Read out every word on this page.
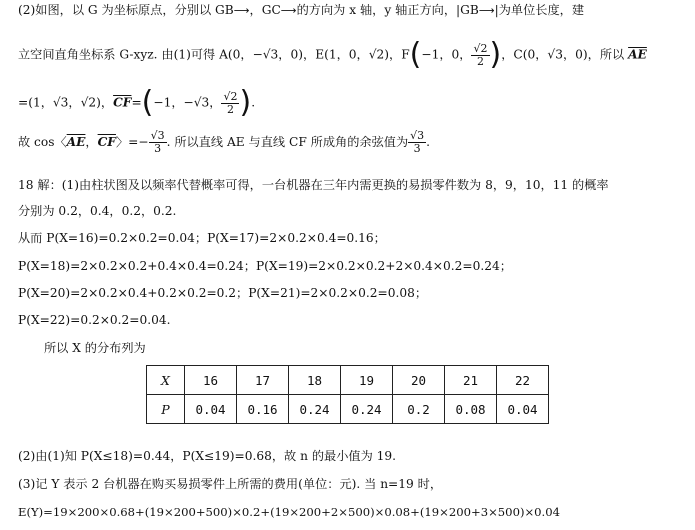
(2)如图，以 G 为坐标原点，分别以 GB⟶，GC⟶的方向为 x 轴，y 轴正方向，|GB⟶|为单位长度，建
立空间直角坐标系 G-xyz. 由(1)可得 A(0，−√3，0)，E(1，0，√2)，F(−1，0， $\frac{√2}{2}$ )，C(0，√3，0)，所以 $\overline{AE}$
=(1，√3，√2)，$\overline{CF}=(-1$，−√3， $\frac{√2}{2}$ ).
故 cos〈$\overline{AE}$，$\overline{CF}$〉=− $\frac{√3}{3}$ . 所以直线 AE 与直线 CF 所成角的余弦值为 $\frac{√3}{3}$ .
18 解：(1)由柱状图及以频率代替概率可得，一台机器在三年内需更换的易损零件数为 8，9，10，11 的概率
分别为 0.2，0.4，0.2，0.2.
从而 P(X=16)=0.2×0.2=0.04；P(X=17)=2×0.2×0.4=0.16；
P(X=18)=2×0.2×0.2+0.4×0.4=0.24；P(X=19)=2×0.2×0.2+2×0.4×0.2=0.24；
P(X=20)=2×0.2×0.4+0.2×0.2=0.2；P(X=21)=2×0.2×0.2=0.08；
P(X=22)=0.2×0.2=0.04.
所以 X 的分布列为
X	16	17	18	19	20	21	22
P	0.04	0.16	0.24	0.24	0.2	0.08	0.04
(2)由(1)知 P(X≤18)=0.44，P(X≤19)=0.68，故 n 的最小值为 19.
(3)记 Y 表示 2 台机器在购买易损零件上所需的费用(单位：元). 当 n=19 时，
E(Y)=19×200×0.68+(19×200+500)×0.2+(19×200+2×500)×0.08+(19×200+3×500)×0.04
